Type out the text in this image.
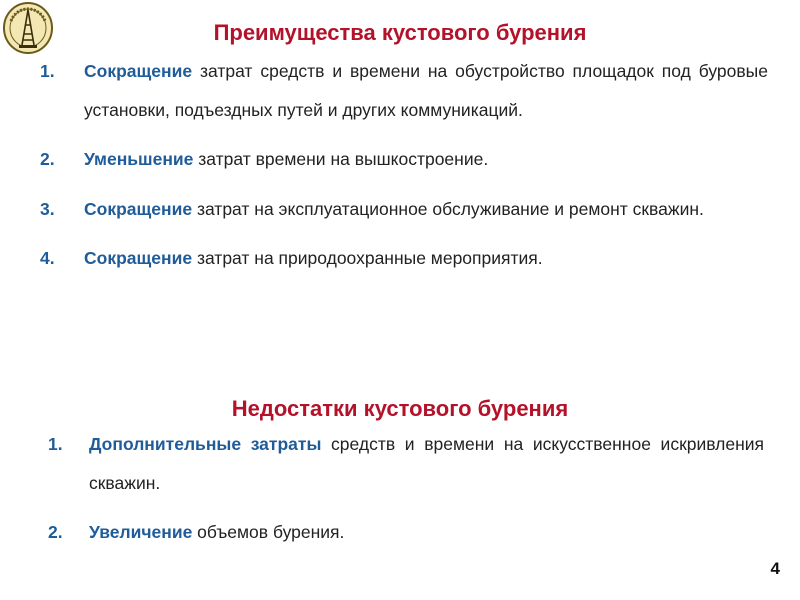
Преимущества кустового бурения
1. Сокращение затрат средств и времени на обустройство площадок под буровые установки, подъездных путей и других коммуникаций.
2. Уменьшение затрат времени на вышкостроение.
3. Сокращение затрат на эксплуатационное обслуживание и ремонт скважин.
4. Сокращение затрат на природоохранные мероприятия.
Недостатки кустового бурения
1. Дополнительные затраты средств и времени на искусственное искривления скважин.
2. Увеличение объемов бурения.
4
